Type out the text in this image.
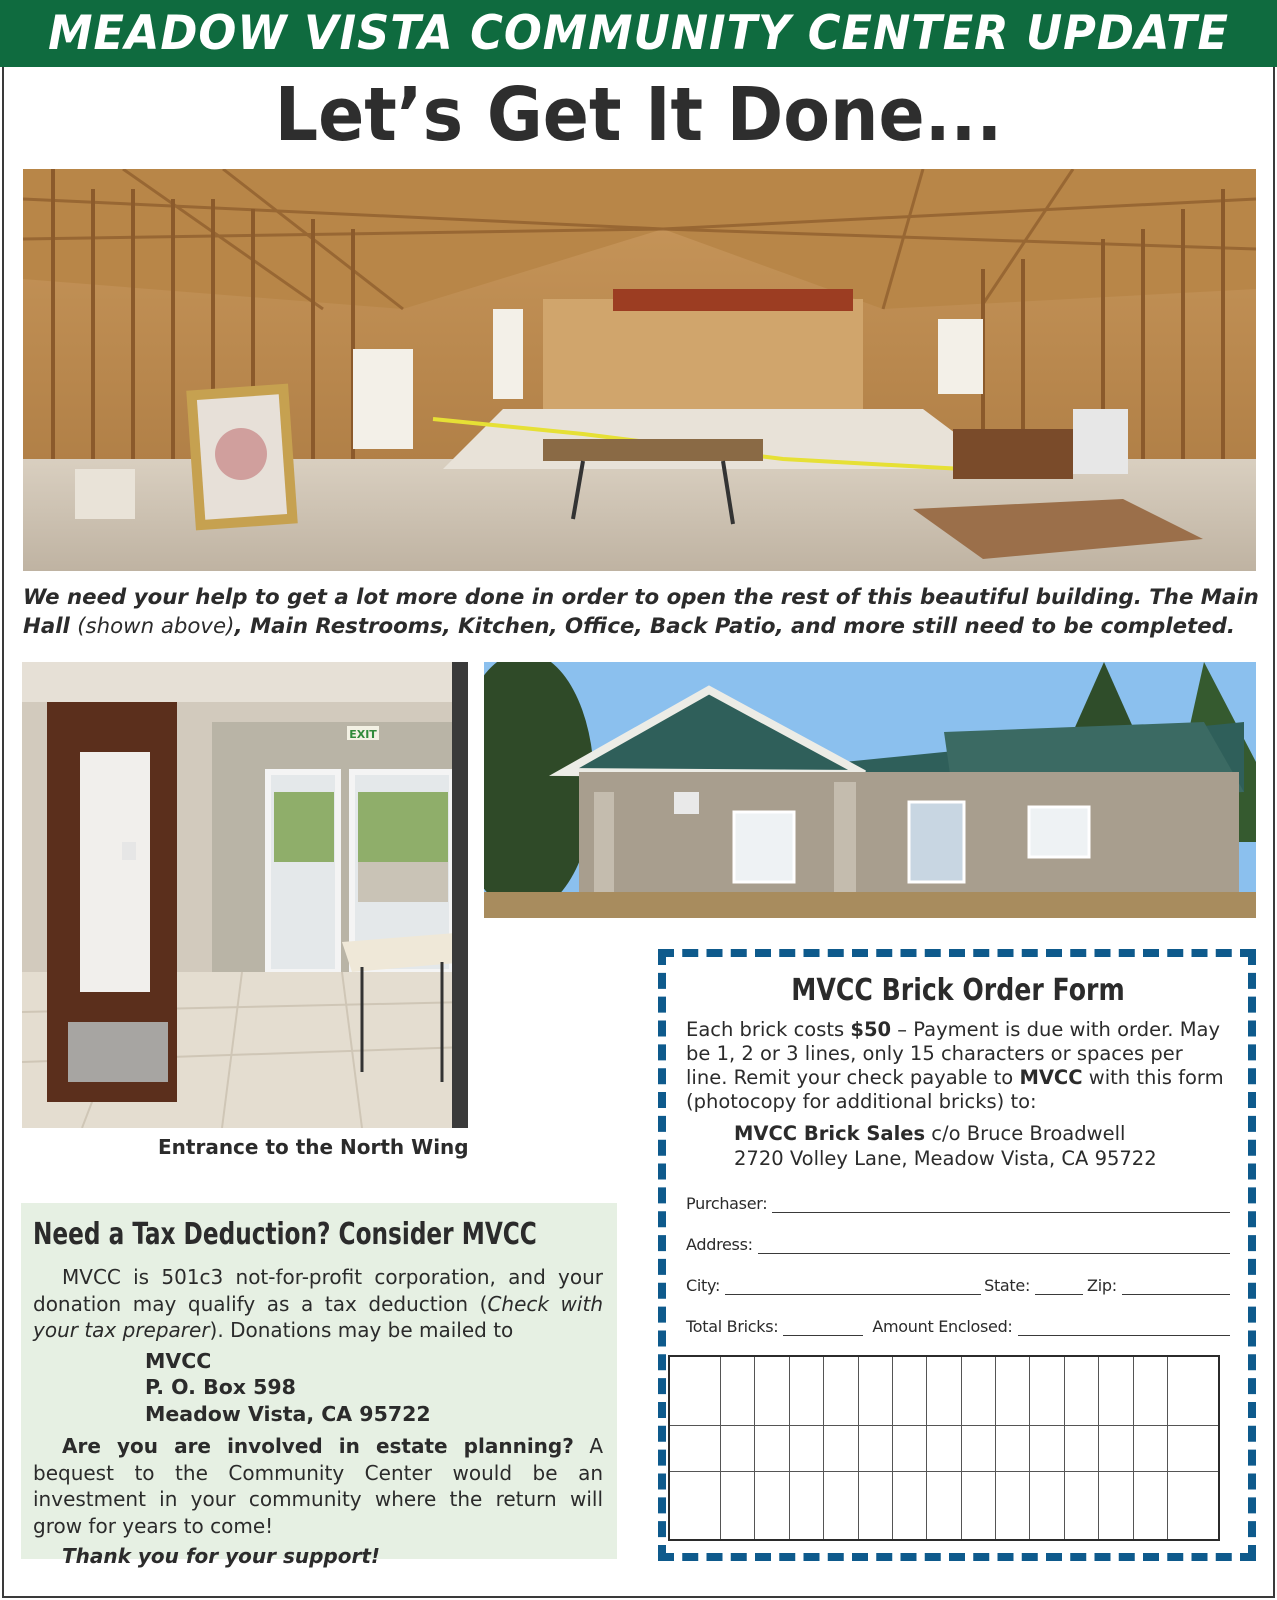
MEADOW VISTA COMMUNITY CENTER UPDATE
Let’s Get It Done...

We need your help to get a lot more done in order to open the rest of this beautiful building. The Main Hall (shown above), Main Restrooms, Kitchen, Office, Back Patio, and more still need to be completed.

EXIT
Entrance to the North Wing
Need a Tax Deduction? Consider MVCC

MVCC is 501c3 not-for-profit corporation, and your donation may qualify as a tax deduction (Check with your tax preparer). Donations may be mailed to

MVCC
P. O. Box 598
Meadow Vista, CA 95722

Are you are involved in estate planning? A bequest to the Community Center would be an investment in your community where the return will grow for years to come!

Thank you for your support!

MVCC Brick Order Form

Each brick costs $50 – Payment is due with order. May be 1, 2 or 3 lines, only 15 characters or spaces per line. Remit your check payable to MVCC with this form (photocopy for additional bricks) to:

MVCC Brick Sales c/o Bruce Broadwell
2720 Volley Lane, Meadow Vista, CA 95722
Purchaser:
Address:
City:	State:	Zip:
Total Bricks:	Amount Enclosed:
